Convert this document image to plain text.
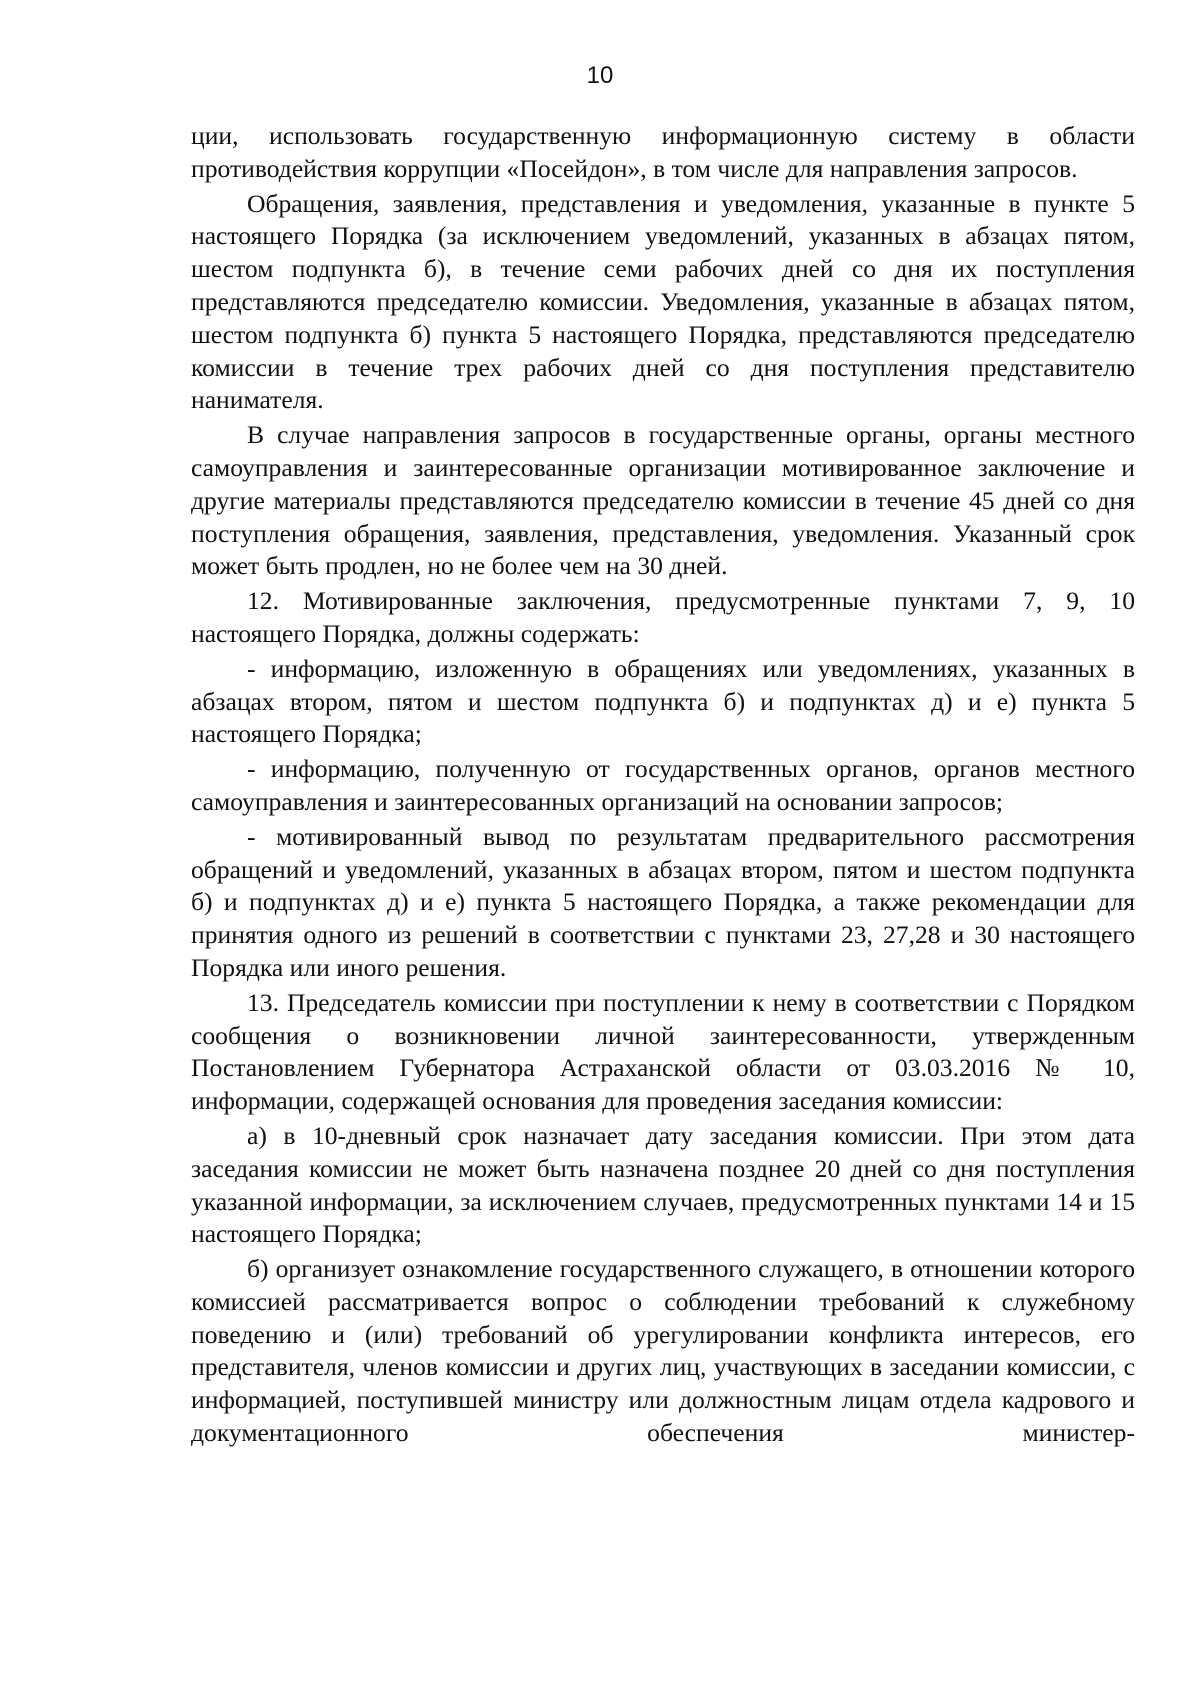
10

ции, использовать государственную информационную систему в области противодействия коррупции «Посейдон», в том числе для направления запросов.

Обращения, заявления, представления и уведомления, указанные в пункте 5 настоящего Порядка (за исключением уведомлений, указанных в абзацах пятом, шестом подпункта б), в течение семи рабочих дней со дня их поступления представляются председателю комиссии. Уведомления, указанные в абзацах пятом, шестом подпункта б) пункта 5 настоящего Порядка, представляются председателю комиссии в течение трех рабочих дней со дня поступления представителю нанимателя.

В случае направления запросов в государственные органы, органы местного самоуправления и заинтересованные организации мотивированное заключение и другие материалы представляются председателю комиссии в течение 45 дней со дня поступления обращения, заявления, представления, уведомления. Указанный срок может быть продлен, но не более чем на 30 дней.

12. Мотивированные заключения, предусмотренные пунктами 7, 9, 10 настоящего Порядка, должны содержать:

- информацию, изложенную в обращениях или уведомлениях, указанных в абзацах втором, пятом и шестом подпункта б) и подпунктах д) и е) пункта 5 настоящего Порядка;

- информацию, полученную от государственных органов, органов местного самоуправления и заинтересованных организаций на основании запросов;

- мотивированный вывод по результатам предварительного рассмотрения обращений и уведомлений, указанных в абзацах втором, пятом и шестом подпункта б) и подпунктах д) и е) пункта 5 настоящего Порядка, а также рекомендации для принятия одного из решений в соответствии с пунктами 23, 27,28 и 30 настоящего Порядка или иного решения.

13. Председатель комиссии при поступлении к нему в соответствии с Порядком сообщения о возникновении личной заинтересованности, утвержденным Постановлением Губернатора Астраханской области от 03.03.2016 № 10, информации, содержащей основания для проведения заседания комиссии:

а) в 10-дневный срок назначает дату заседания комиссии. При этом дата заседания комиссии не может быть назначена позднее 20 дней со дня поступления указанной информации, за исключением случаев, предусмотренных пунктами 14 и 15 настоящего Порядка;

б) организует ознакомление государственного служащего, в отношении которого комиссией рассматривается вопрос о соблюдении требований к служебному поведению и (или) требований об урегулировании конфликта интересов, его представителя, членов комиссии и других лиц, участвующих в заседании комиссии, с информацией, поступившей министру или должностным лицам отдела кадрового и документационного обеспечения министер-
